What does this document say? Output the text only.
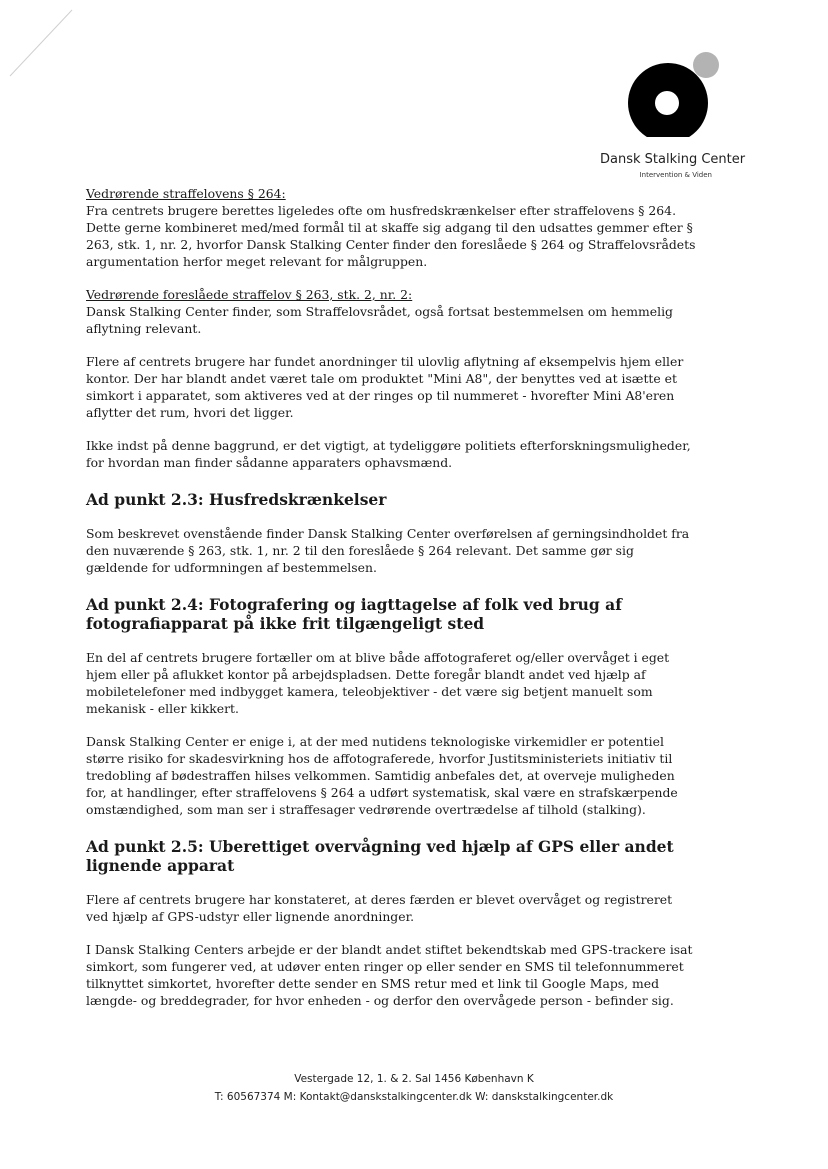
Dansk Stalking Center
Intervention & Viden

Vedrørende straffelovens § 264:

Fra centrets brugere berettes ligeledes ofte om husfredskrænkelser efter straffelovens § 264. Dette gerne kombineret med/med formål til at skaffe sig adgang til den udsattes gemmer efter § 263, stk. 1, nr. 2, hvorfor Dansk Stalking Center finder den foreslåede § 264 og Straffelovsrådets argumentation herfor meget relevant for målgruppen.

Vedrørende foreslåede straffelov § 263, stk. 2, nr. 2:

Dansk Stalking Center finder, som Straffelovsrådet, også fortsat bestemmelsen om hemmelig aflytning relevant.

Flere af centrets brugere har fundet anordninger til ulovlig aflytning af eksempelvis hjem eller kontor. Der har blandt andet været tale om produktet "Mini A8", der benyttes ved at isætte et simkort i apparatet, som aktiveres ved at der ringes op til nummeret - hvorefter Mini A8'eren aflytter det rum, hvori det ligger.

Ikke indst på denne baggrund, er det vigtigt, at tydeliggøre politiets efterforskningsmuligheder, for hvordan man finder sådanne apparaters ophavsmænd.

Ad punkt 2.3: Husfredskrænkelser

Som beskrevet ovenstående finder Dansk Stalking Center overførelsen af gerningsindholdet fra den nuværende § 263, stk. 1, nr. 2 til den foreslåede § 264 relevant. Det samme gør sig gældende for udformningen af bestemmelsen.

Ad punkt 2.4: Fotografering og iagttagelse af folk ved brug af fotografiapparat på ikke frit tilgængeligt sted

En del af centrets brugere fortæller om at blive både affotograferet og/eller overvåget i eget hjem eller på aflukket kontor på arbejdspladsen. Dette foregår blandt andet ved hjælp af mobiletelefoner med indbygget kamera, teleobjektiver - det være sig betjent manuelt som mekanisk - eller kikkert.

Dansk Stalking Center er enige i, at der med nutidens teknologiske virkemidler er potentiel større risiko for skadesvirkning hos de affotograferede, hvorfor Justitsministeriets initiativ til tredobling af bødestraffen hilses velkommen. Samtidig anbefales det, at overveje muligheden for, at handlinger, efter straffelovens § 264 a udført systematisk, skal være en strafskærpende omstændighed, som man ser i straffesager vedrørende overtrædelse af tilhold (stalking).

Ad punkt 2.5: Uberettiget overvågning ved hjælp af GPS eller andet lignende apparat

Flere af centrets brugere har konstateret, at deres færden er blevet overvåget og registreret ved hjælp af GPS-udstyr eller lignende anordninger.

I Dansk Stalking Centers arbejde er der blandt andet stiftet bekendtskab med GPS-trackere isat simkort, som fungerer ved, at udøver enten ringer op eller sender en SMS til telefonnummeret tilknyttet simkortet, hvorefter dette sender en SMS retur med et link til Google Maps, med længde- og breddegrader, for hvor enheden - og derfor den overvågede person - befinder sig.

Vestergade 12, 1. & 2. Sal 1456 København K
T: 60567374 M: Kontakt@danskstalkingcenter.dk W: danskstalkingcenter.dk
